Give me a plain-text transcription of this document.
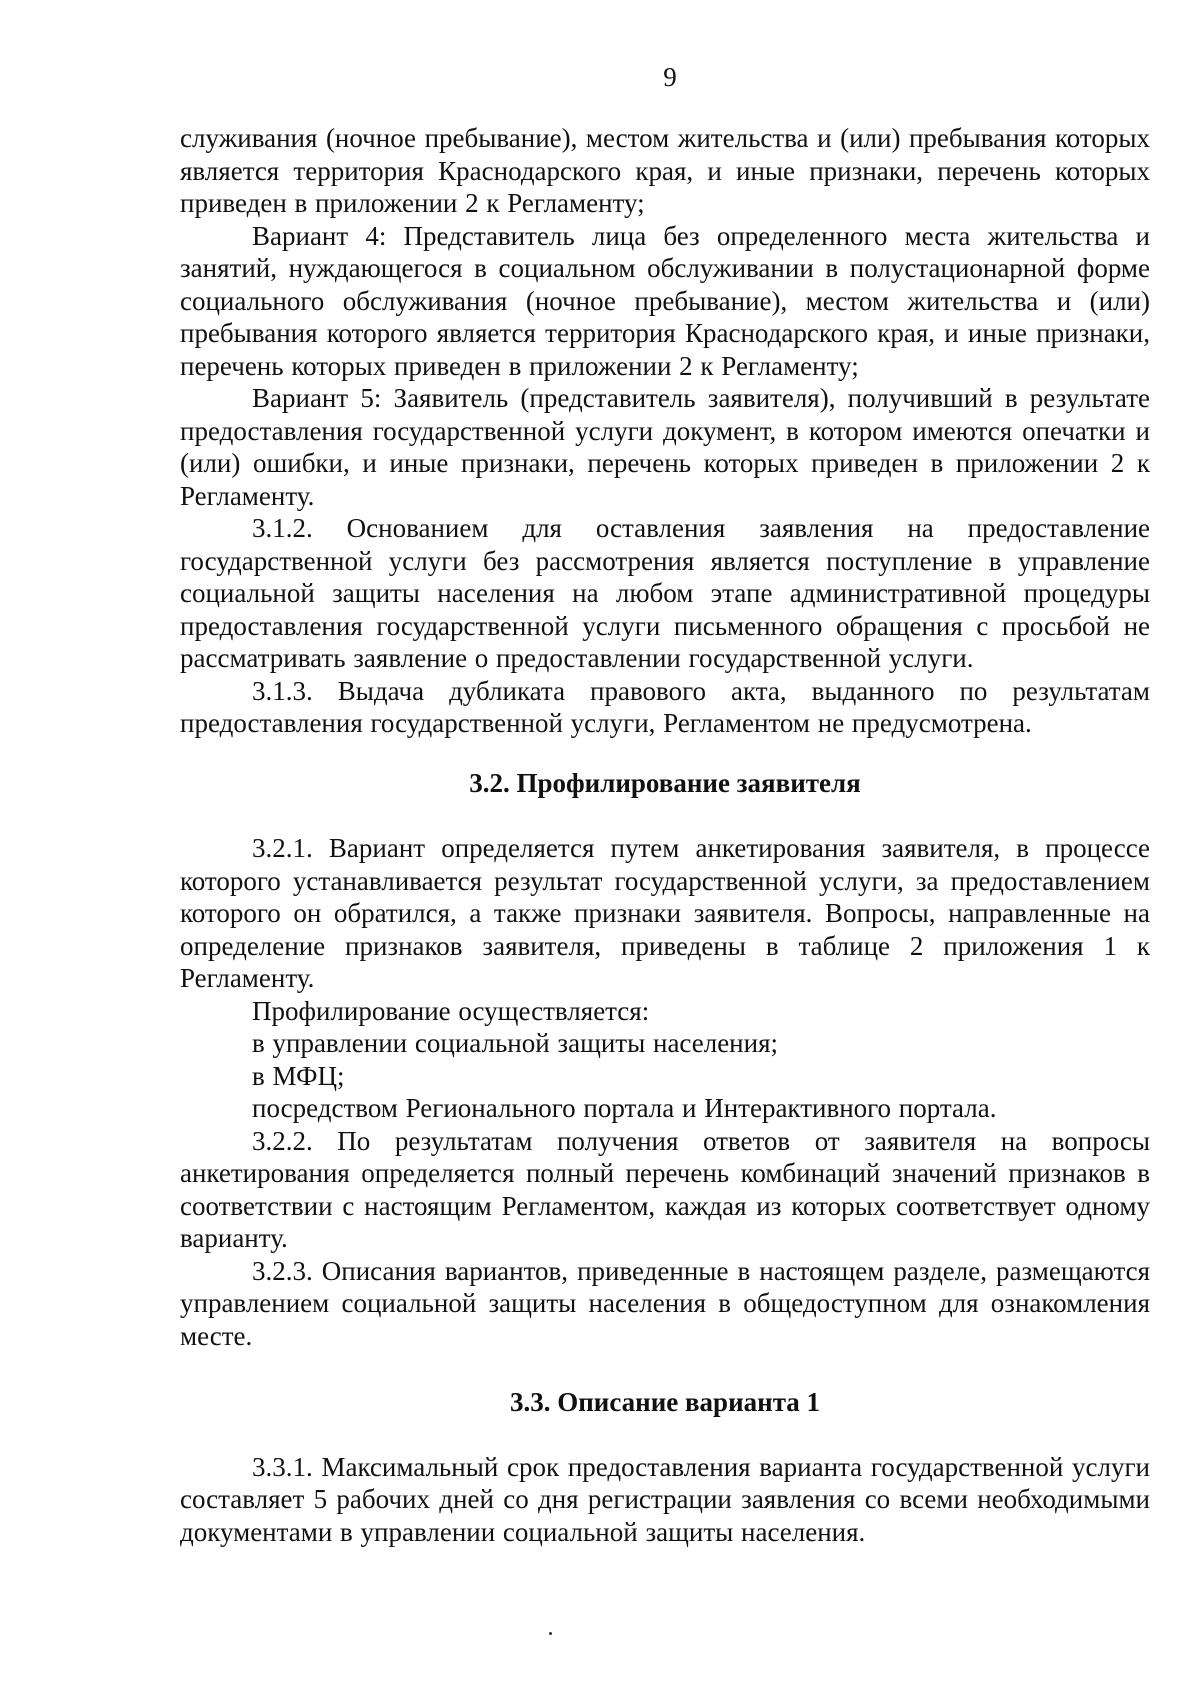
9

служивания (ночное пребывание), местом жительства и (или) пребывания которых является территория Краснодарского края, и иные признаки, перечень которых приведен в приложении 2 к Регламенту;

Вариант 4: Представитель лица без определенного места жительства и занятий, нуждающегося в социальном обслуживании в полустационарной форме социального обслуживания (ночное пребывание), местом жительства и (или) пребывания которого является территория Краснодарского края, и иные признаки, перечень которых приведен в приложении 2 к Регламенту;

Вариант 5: Заявитель (представитель заявителя), получивший в результате предоставления государственной услуги документ, в котором имеются опечатки и (или) ошибки, и иные признаки, перечень которых приведен в приложении 2 к Регламенту.

3.1.2. Основанием для оставления заявления на предоставление государственной услуги без рассмотрения является поступление в управление социальной защиты населения на любом этапе административной процедуры предоставления государственной услуги письменного обращения с просьбой не рассматривать заявление о предоставлении государственной услуги.

3.1.3. Выдача дубликата правового акта, выданного по результатам предоставления государственной услуги, Регламентом не предусмотрена.

3.2. Профилирование заявителя

3.2.1. Вариант определяется путем анкетирования заявителя, в процессе которого устанавливается результат государственной услуги, за предоставлением которого он обратился, а также признаки заявителя. Вопросы, направленные на определение признаков заявителя, приведены в таблице 2 приложения 1 к Регламенту.

Профилирование осуществляется:

в управлении социальной защиты населения;

в МФЦ;

посредством Регионального портала и Интерактивного портала.

3.2.2. По результатам получения ответов от заявителя на вопросы анкетирования определяется полный перечень комбинаций значений признаков в соответствии с настоящим Регламентом, каждая из которых соответствует одному варианту.

3.2.3. Описания вариантов, приведенные в настоящем разделе, размещаются управлением социальной защиты населения в общедоступном для ознакомления месте.

3.3. Описание варианта 1

3.3.1. Максимальный срок предоставления варианта государственной услуги составляет 5 рабочих дней со дня регистрации заявления со всеми необходимыми документами в управлении социальной защиты населения.
